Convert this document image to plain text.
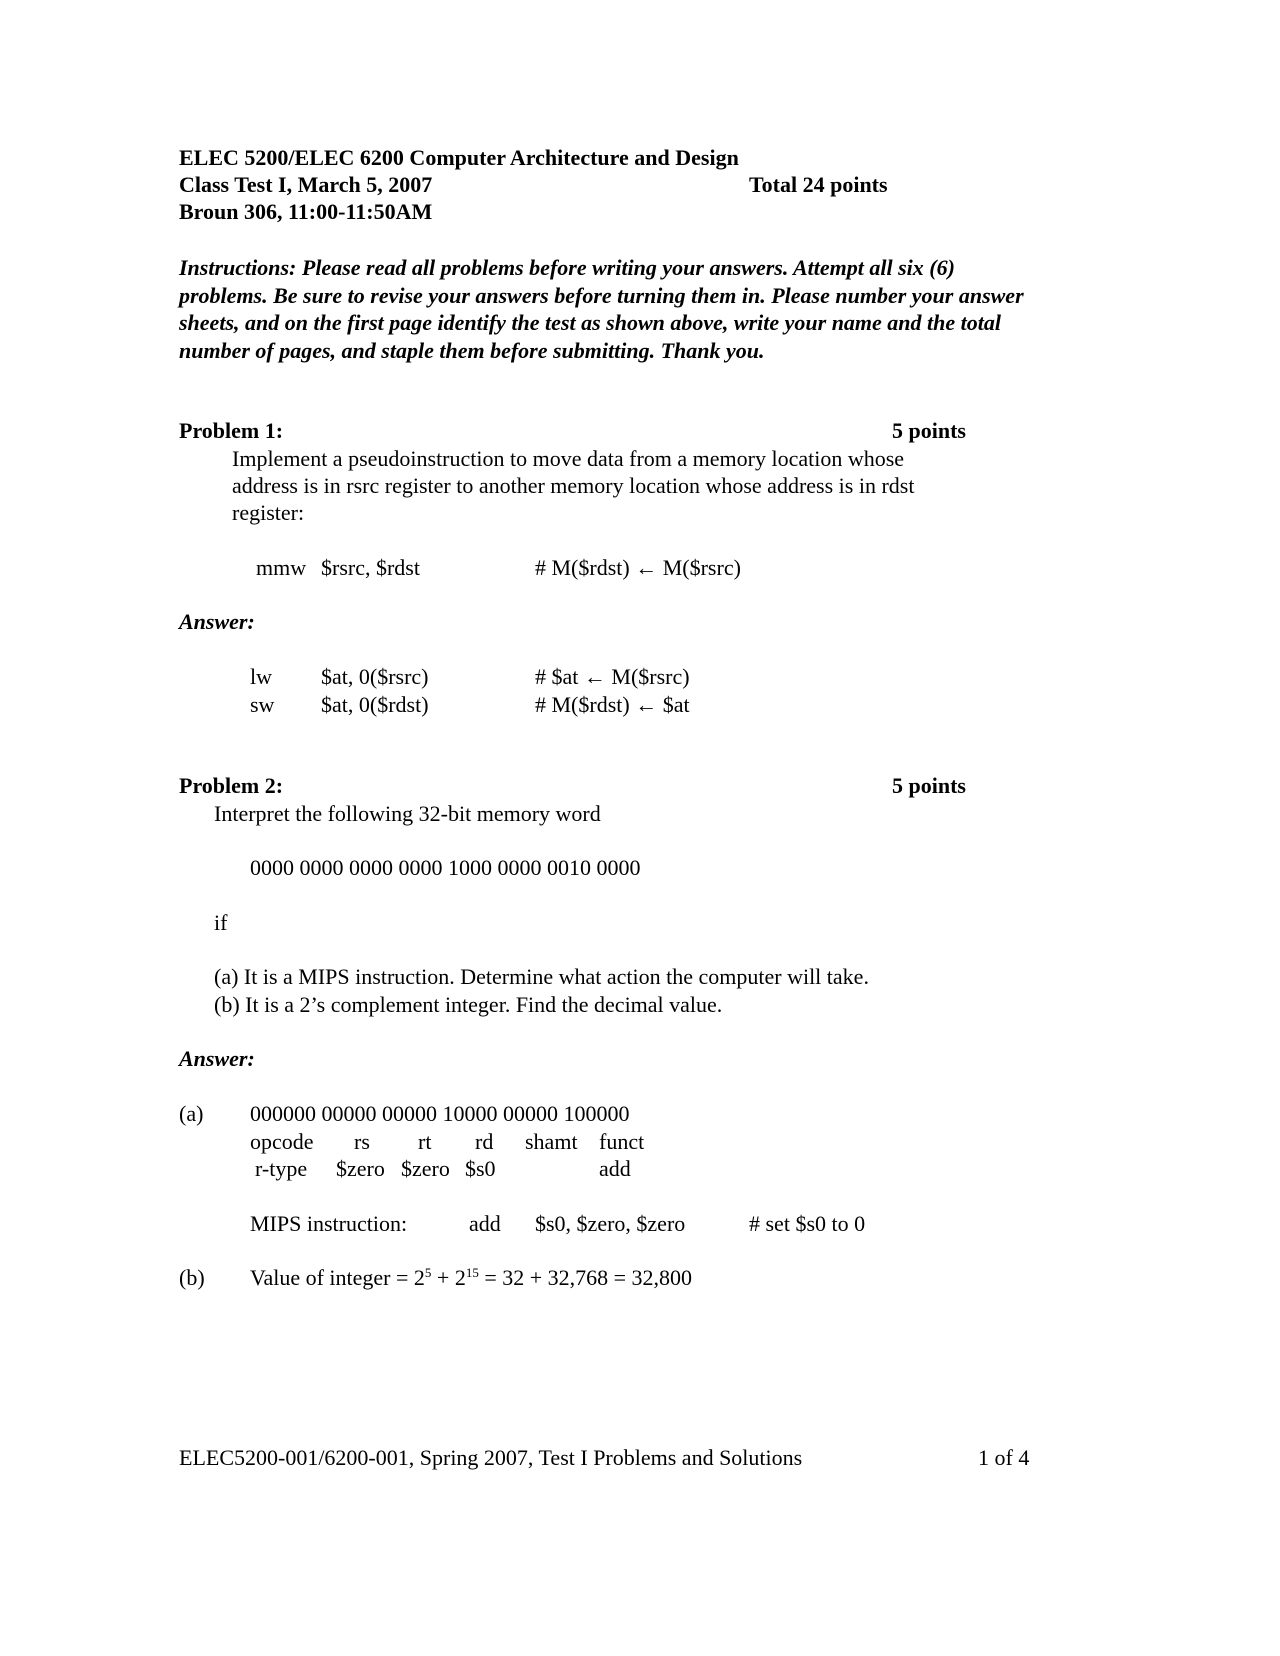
ELEC 5200/ELEC 6200 Computer Architecture and Design
Class Test I, March 5, 2007	Total 24 points
Broun 306, 11:00-11:50AM
Instructions: Please read all problems before writing your answers. Attempt all six (6) problems. Be sure to revise your answers before turning them in. Please number your answer sheets, and on the first page identify the test as shown above, write your name and the total number of pages, and staple them before submitting. Thank you.
Problem 1:	5 points
Implement a pseudoinstruction to move data from a memory location whose
address is in rsrc register to another memory location whose address is in rdst
register:
mmw $rsrc, $rdst	# M($rdst) ← M($rsrc)
Answer:
lw $at, 0($rsrc)	# $at ← M($rsrc)
sw $at, 0($rdst)	# M($rdst) ← $at
Problem 2:	5 points
Interpret the following 32-bit memory word
0000 0000 0000 0000 1000 0000 0010 0000
if
(a) It is a MIPS instruction. Determine what action the computer will take.
(b) It is a 2’s complement integer. Find the decimal value.
Answer:
(a) 000000 00000 00000 10000 00000 100000
opcode rs rt rd shamt funct
r-type $zero $zero $s0	add
MIPS instruction:	add $s0, $zero, $zero	# set $s0 to 0
(b) Value of integer = $2^5 + 2^{15} = 32 + 32,768 = 32,800$
ELEC5200-001/6200-001, Spring 2007, Test I Problems and Solutions	1 of 4
